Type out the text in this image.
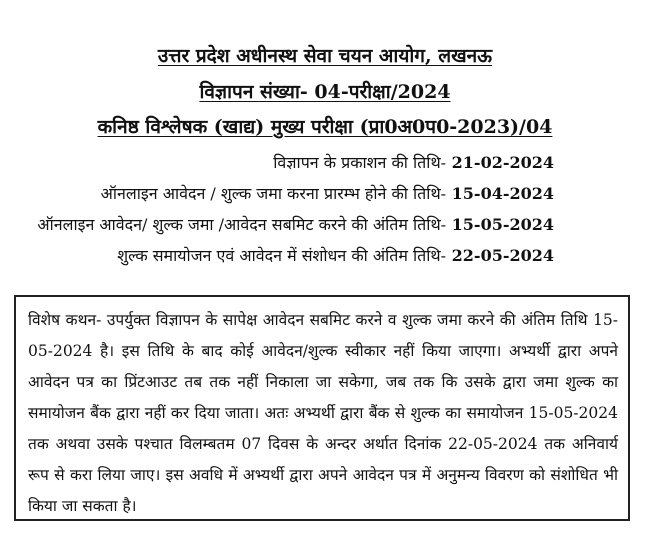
उत्तर प्रदेश अधीनस्थ सेवा चयन आयोग, लखनऊ
विज्ञापन संख्या- 04-परीक्षा/2024
कनिष्ठ विश्लेषक (खाद्य) मुख्य परीक्षा (प्रा0अ0प0-2023)/04
विज्ञापन के प्रकाशन की तिथि- 21-02-2024
ऑनलाइन आवेदन / शुल्क जमा करना प्रारम्भ होने की तिथि- 15-04-2024
ऑनलाइन आवेदन/ शुल्क जमा /आवेदन सबमिट करने की अंतिम तिथि- 15-05-2024
शुल्क समायोजन एवं आवेदन में संशोधन की अंतिम तिथि- 22-05-2024
विशेष कथन- उपर्युक्त विज्ञापन के सापेक्ष आवेदन सबमिट करने व शुल्क जमा करने की अंतिम तिथि 15-05-2024 है। इस तिथि के बाद कोई आवेदन/शुल्क स्वीकार नहीं किया जाएगा। अभ्यर्थी द्वारा अपने आवेदन पत्र का प्रिंटआउट तब तक नहीं निकाला जा सकेगा, जब तक कि उसके द्वारा जमा शुल्क का समायोजन बैंक द्वारा नहीं कर दिया जाता। अतः अभ्यर्थी द्वारा बैंक से शुल्क का समायोजन 15-05-2024 तक अथवा उसके पश्चात विलम्बतम 07 दिवस के अन्दर अर्थात दिनांक 22-05-2024 तक अनिवार्य रूप से करा लिया जाए। इस अवधि में अभ्यर्थी द्वारा अपने आवेदन पत्र में अनुमन्य विवरण को संशोधित भी किया जा सकता है।
